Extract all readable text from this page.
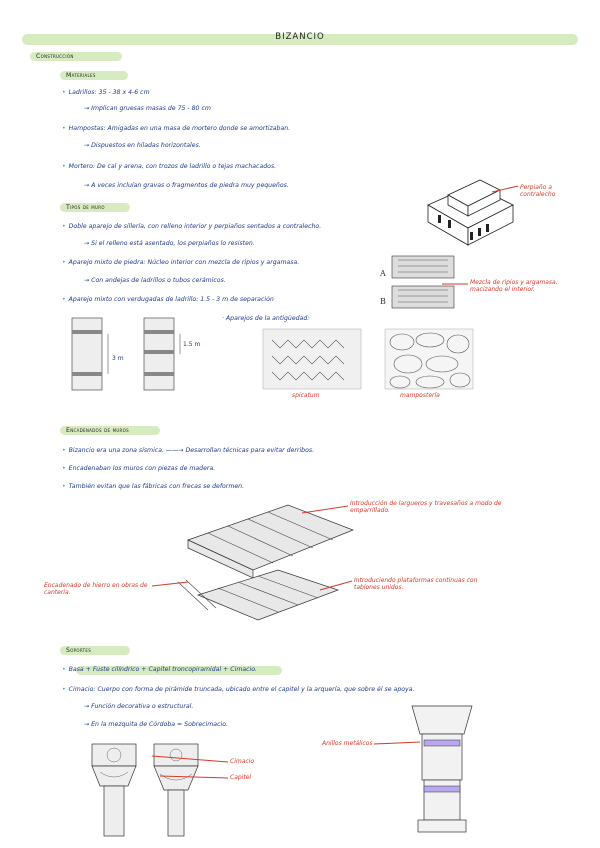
BIZANCIO
Construcción
Materiales
• Ladrillos: 35 - 38 x 4-6 cm
→ Implican gruesas masas de 75 - 80 cm
• Hampostas: Amigadas en una masa de mortero donde se amortizaban.
→ Dispuestos en hiladas horizontales.
• Mortero: De cal y arena, con trozos de ladrillo o tejas machacados.
→ A veces incluían gravas o fragmentos de piedra muy pequeños.	Perpiaño a contralecho
Tipos de muro
• Doble aparejo de sillería, con relleno interior y perpiaños sentados a contralecho.
→ Si el relleno está asentado, los perpiaños lo resisten.
• Aparejo mixto de piedra: Núcleo interior con mezcla de ripios y argamasa.
→ Con andejas de ladrillos o tubos cerámicos.
• Aparejo mixto con verdugadas de ladrillo: 1.5 - 3 m de separación
A
B
Mezcla de ripios y argamasa, macizando el interior.
3 m
1.5 m
· Aparejos de la antigüedad:
spicatum	mampostería
Encadenados de muros
• Bizancio era una zona sísmica. ——→ Desarrollan técnicas para evitar derribos.
• Encadenaban los muros con piezas de madera.
• También evitan que las fábricas con frecas se deformen.
Introducción de largueros y travesaños a modo de emparrillado.
Encadenado de hierro en obras de cantería.
Introduciendo plataformas continuas con tablones unidos.
Soportes
• Basa + Fuste cilíndrico + Capitel troncopiramidal + Cimacio.
• Cimacio: Cuerpo con forma de pirámide truncada, ubicado entre el capitel y la arquería, que sobre él se apoya.
→ Función decorativa o estructural.
→ En la mezquita de Córdoba = Sobrecimacio.
Cimacio
Capitel
Anillos metálicos
